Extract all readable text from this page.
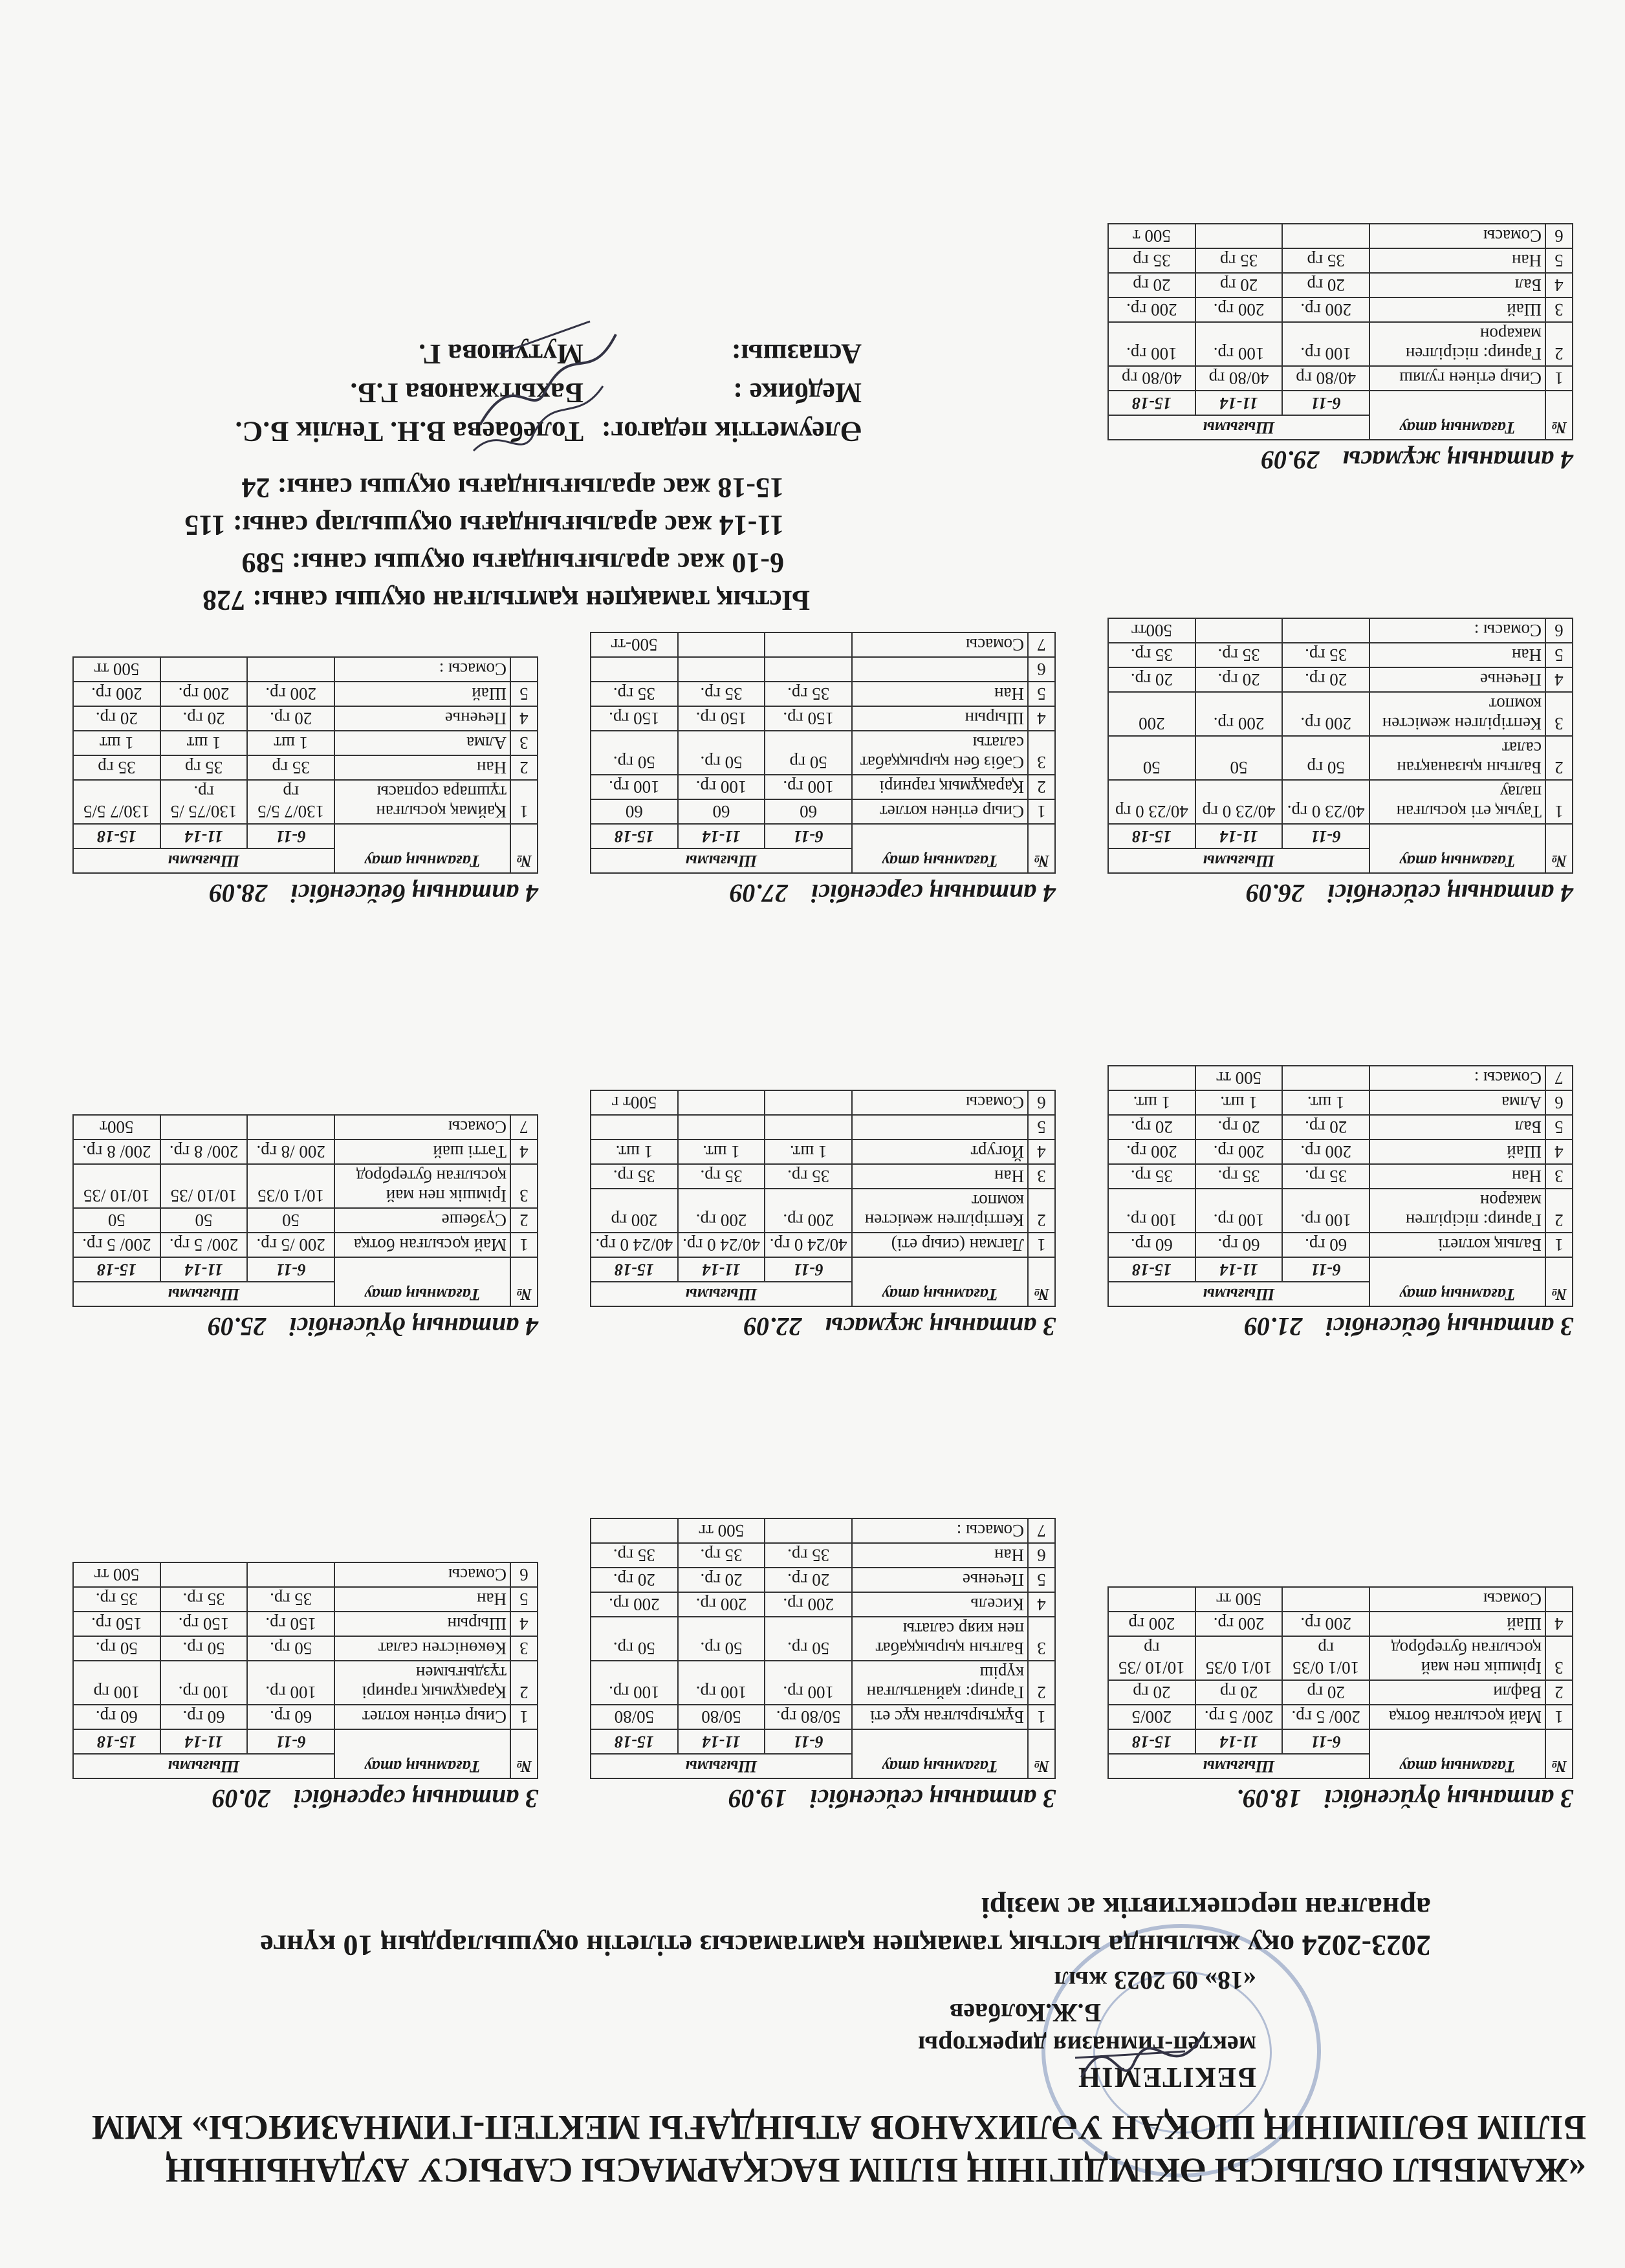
«ЖАМБЫЛ ОБЛЫСЫ ӘКІМДІГІНІҢ БІЛІМ БАСҚАРМАСЫ САРЫСУ АУДАНЫНЫҢ
БІЛІМ БӨЛІМІНІҢ ШОҚАН УӘЛИХАНОВ АТЫНДАҒЫ МЕКТЕП-ГИМНАЗИЯСЫ» КММ
БЕКІТЕМІН
мектеп-гимназия директоры
Б.Ж.Колбаев
«18» 09 2023 жыл
2023-2024 оқу жылында ыстық тамақпен қамтамасыз етілетін оқушылардың 10 күнге
арналған перспективтік ас мәзірі
3 аптаның дүйсенбісі18.09.
№	Тағамның атау	Шығымы		
		6-11	11-14	15-18
1	Май қосылған ботқа	200/ 5 гр.	200/ 5 гр.	200/5
2	Вафли	20 гр	20 гр	20 гр
3	Ірімшік пен май қосылған бутерброд	10/1 0/35 гр	10/1 0/35	10/10 /35 гр
4	Шай	200 гр.	200 гр.	200 гр
	Сомасы		500 тг	
3 аптаның сейсенбісі19.09
№	Тағамның атау	Шығымы		
		6-11	11-14	15-18
1	Бұқтырылған құс еті	50/80 гр.	50/80	50/80
2	Гарнир: қайнатылған күріш	100 гр.	100 гр.	100 гр.
3	Балғын қырыққабат пен кияр салаты	50 гр.	50 гр.	50 гр.
4	Кисель	200 гр.	200 гр.	200 гр.
5	Печенье	20 гр.	20 гр.	20 гр.
6	Нан	35 гр.	35 гр.	35 гр.
7	Сомасы :		500 тг	
3 аптаның сәрсенбісі20.09
№	Тағамның атау	Шығымы		
		6-11	11-14	15-18
1	Сиыр етінен котлет	60 гр.	60 гр.	60 гр.
2	Қарақұмық гарнирі тұздығымен	100 гр.	100 гр.	100 гр
3	Көкөністен салат	50 гр.	50 гр.	50 гр.
4	Шырын	150 гр.	150 гр.	150 гр.
5	Нан	35 гр.	35 гр.	35 гр.
6	Сомасы			500 тг
3 аптаның бейсенбісі21.09
№	Тағамның атау	Шығымы		
		6-11	11-14	15-18
1	Балық котлеті	60 гр.	60 гр.	60 гр.
2	Гарнир: пісірілген макарон	100 гр.	100 гр.	100 гр.
3	Нан	35 гр.	35 гр.	35 гр.
4	Шай	200 гр.	200 гр.	200 гр.
5	Бал	20 гр.	20 гр.	20 гр.
6	Алма	1 шт.	1 шт.	1 шт.
7	Сомасы :		500 тг	
3 аптаның жұмасы22.09
№	Тағамның атау	Шығымы		
		6-11	11-14	15-18
1	Лагман (сиыр еті)	40/24 0 гр.	40/24 0 гр.	40/24 0 гр.
2	Кептірілген жемістен компот	200 гр.	200 гр.	200 гр
3	Нан	35 гр.	35 гр.	35 гр.
4	Йогурт	1 шт.	1 шт.	1 шт.
5				
6	Сомасы			500т г
4 аптаның дүйсенбісі25.09
№	Тағамның атау	Шығымы		
		6-11	11-14	15-18
1	Май қосылған ботқа	200 /5 гр.	200/ 5 гр.	200/ 5 гр.
2	Сүзбеше	50	50	50
3	Ірімшік пен май қосылған бутерброд	10/1 0/35	10/10 /35	10/10 /35
4	Тәтті шай	200 /8 гр.	200/ 8 гр.	200/ 8 гр.
7	Сомасы			500т
4 аптаның сейсенбісі26.09
№	Тағамның атау	Шығымы		
		6-11	11-14	15-18
1	Тауық еті қосылған палау	40/23 0 гр.	40/23 0 гр	40/23 0 гр
2	Балғын қызанақтан салат	50 гр	50	50
3	Кептірілген жемістен компот	200 гр.	200 гр.	200
4	Печенье	20 гр.	20 гр.	20 гр.
5	Нан	35 гр.	35 гр.	35 гр.
6	Сомасы :			500тг
4 аптаның сәрсенбісі27.09
№	Тағамның атау	Шығымы		
		6-11	11-14	15-18
1	Сиыр етінен котлет	60	60	60
2	Қарақұмық гарнирі	100 гр.	100 гр.	100 гр.
3	Сәбіз бен қырыққабат салаты	50 гр	50 гр.	50 гр.
4	Шырын	150 гр.	150 гр.	150 гр.
5	Нан	35 гр.	35 гр.	35 гр.
6				
7	Сомасы			500-тг
4 аптаның бейсенбісі28.09
№	Тағамның атау	Шығымы		
		6-11	11-14	15-18
1	Қаймақ қосылған тұшпара сорпасы	130/7 5/5 гр	130/75 /5 гр.	130/7 5/5
2	Нан	35 гр	35 гр	35 гр
3	Алма	1 шт	1 шт	1 шт
4	Печенье	20 гр.	20 гр.	20 гр.
5	Шай	200 гр.	200 гр.	200 гр.
	Сомасы :			500 тг
4 аптаның жұмасы29.09
№	Тағамның атау	Шығымы		
		6-11	11-14	15-18
1	Сиыр етінен гуляш	40/80 гр	40/80 гр	40/80 гр
2	Гарнир: пісірілген макарон	100 гр.	100 гр.	100 гр.
3	Шай	200 гр.	200 гр.	200 гр.
4	Бал	20 гр	20 гр	20 гр
5	Нан	35 гр	35 гр	35 гр
6	Сомасы			500 т
Ыстық тамақпен қамтылған оқушы саны: 728
6-10 жас аралығындағы оқушы саны: 589
11-14 жас аралығындағы оқушылар саны: 115
15-18 жас аралығындағы оқушы саны: 24
Әлеуметтік педагог:
Толебаева В.Н. Тенлік Б.С.
Медбике :
Бахытжанова Г.Б.
Аспазшы:
Мутушова Г.
